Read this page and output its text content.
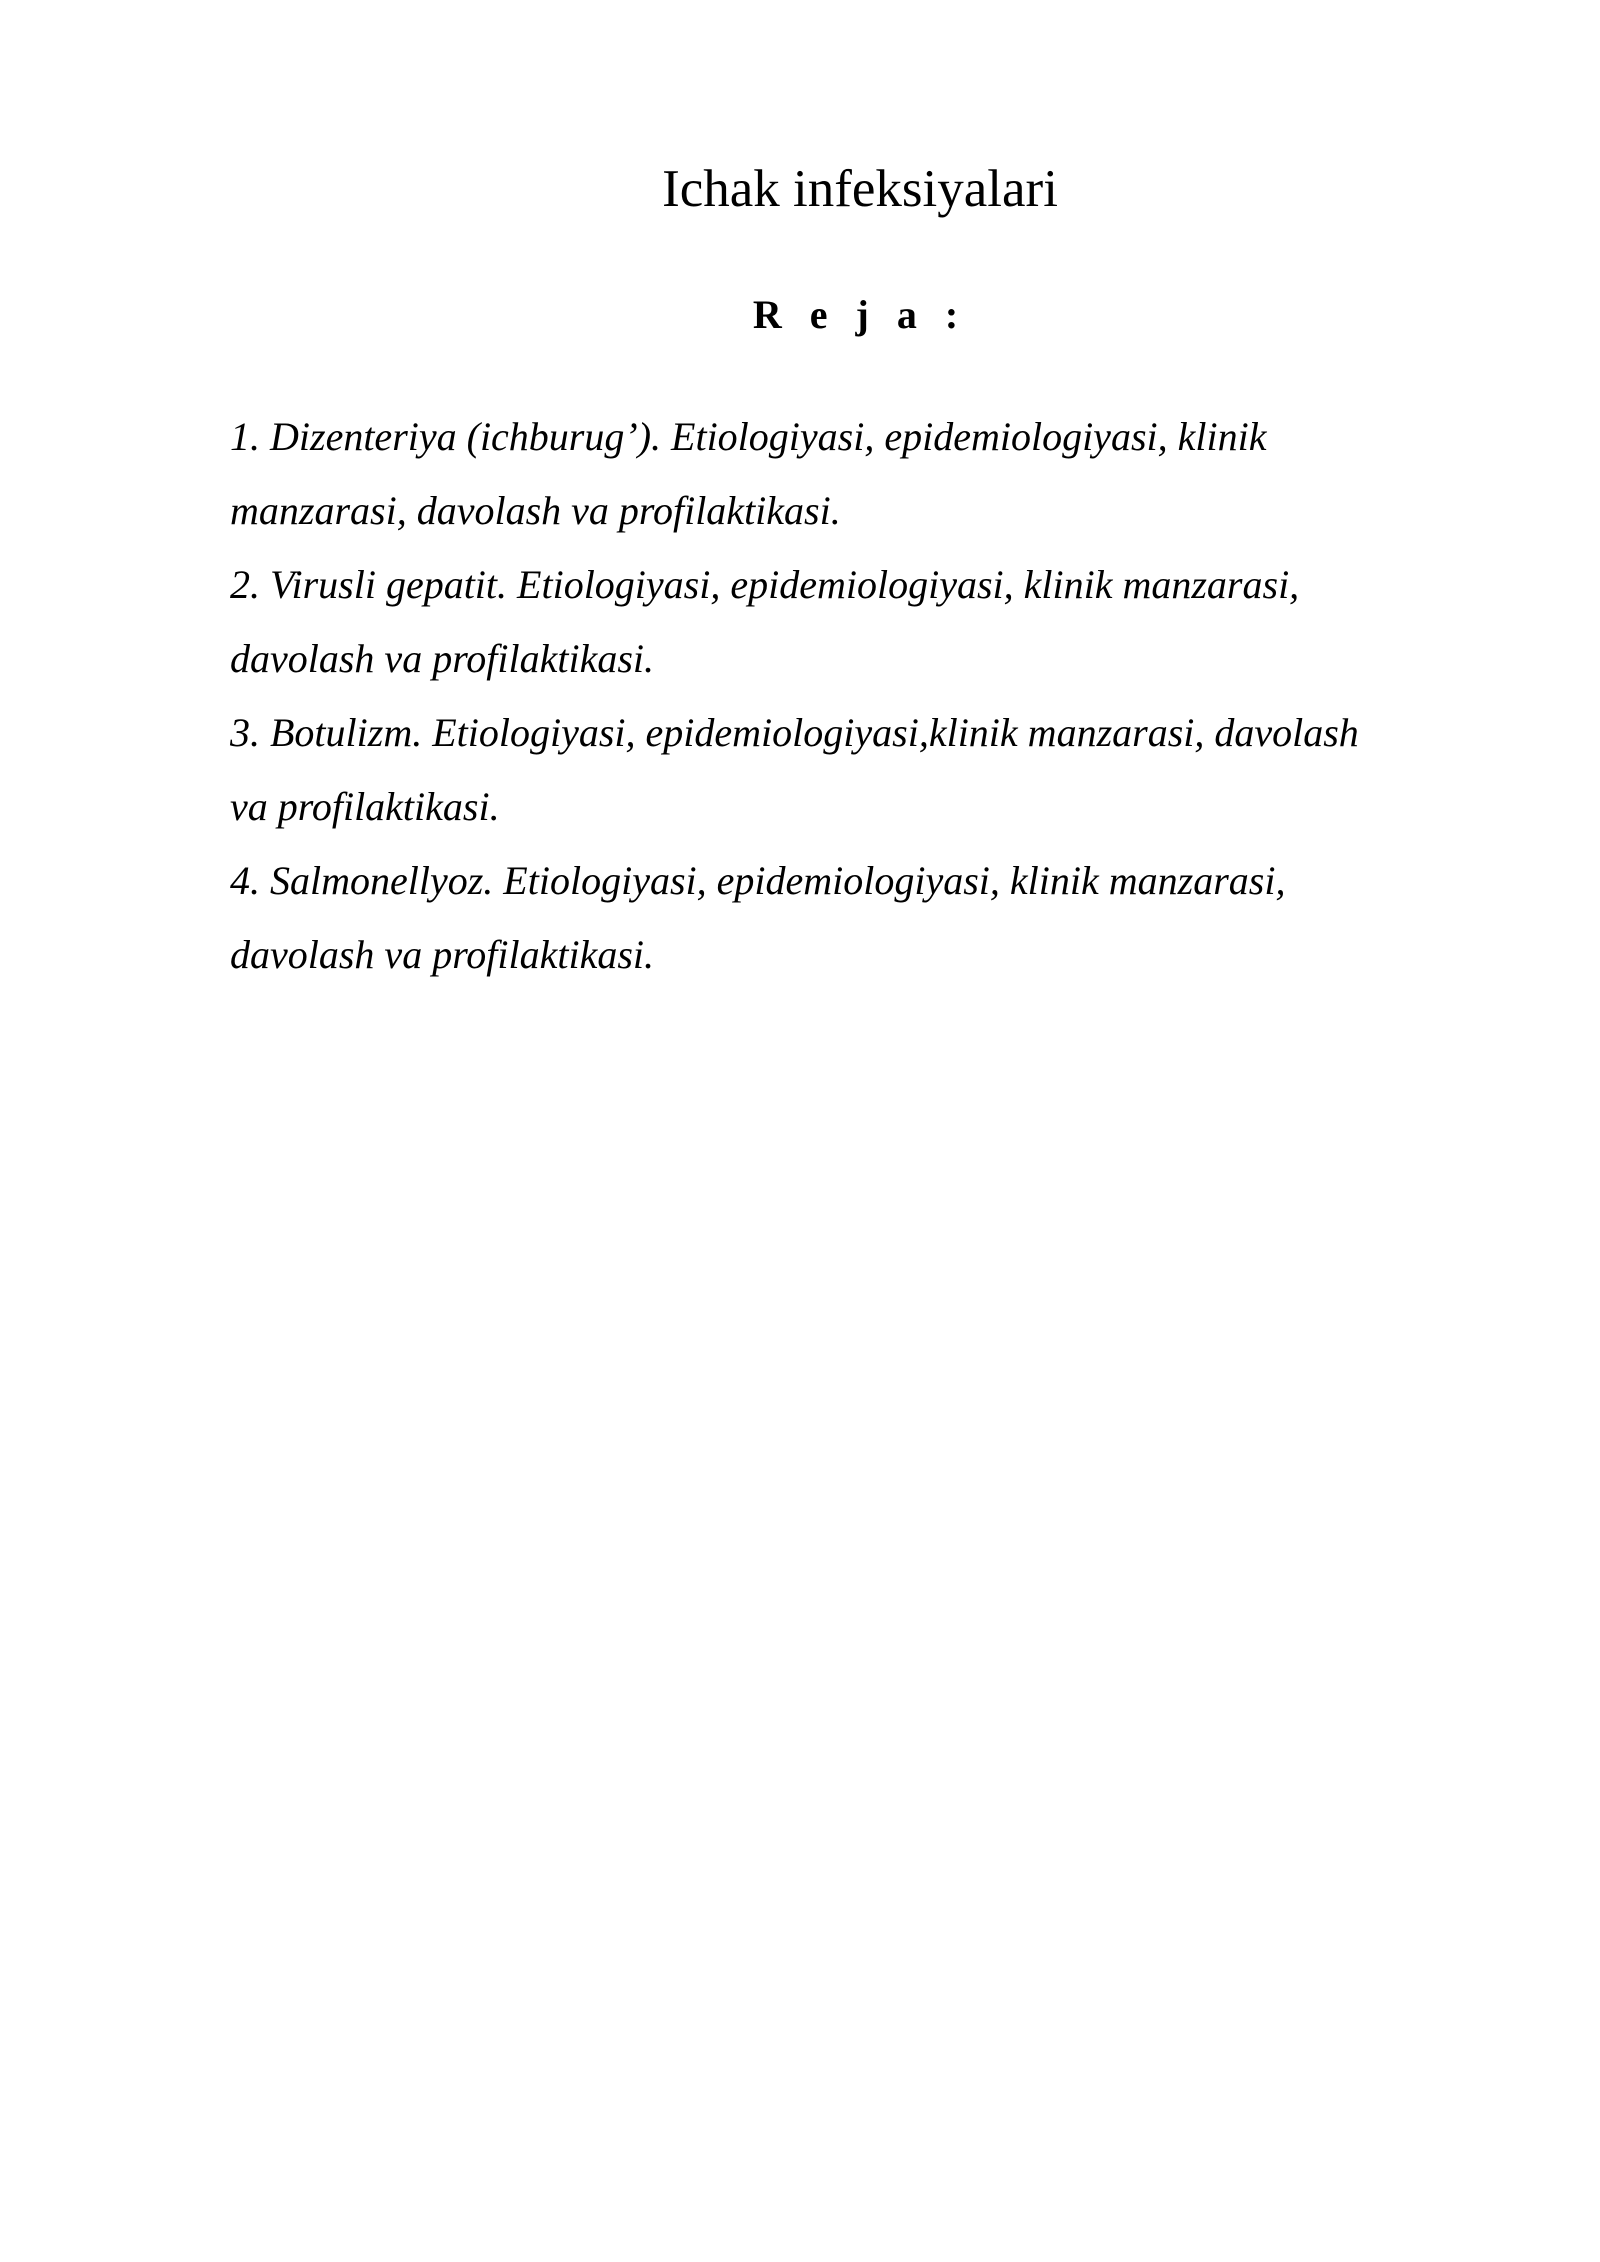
Ichak infeksiyalari
R e j a :
1. Dizenteriya (ichburug’). Etiologiyasi, epidemiologiyasi, klinik
manzarasi, davolash va profilaktikasi.
2. Virusli gepatit. Etiologiyasi, epidemiologiyasi, klinik manzarasi,
davolash va profilaktikasi.
3. Botulizm. Etiologiyasi, epidemiologiyasi,klinik manzarasi, davolash
va profilaktikasi.
4. Salmonellyoz. Etiologiyasi, epidemiologiyasi, klinik manzarasi,
davolash va profilaktikasi.
